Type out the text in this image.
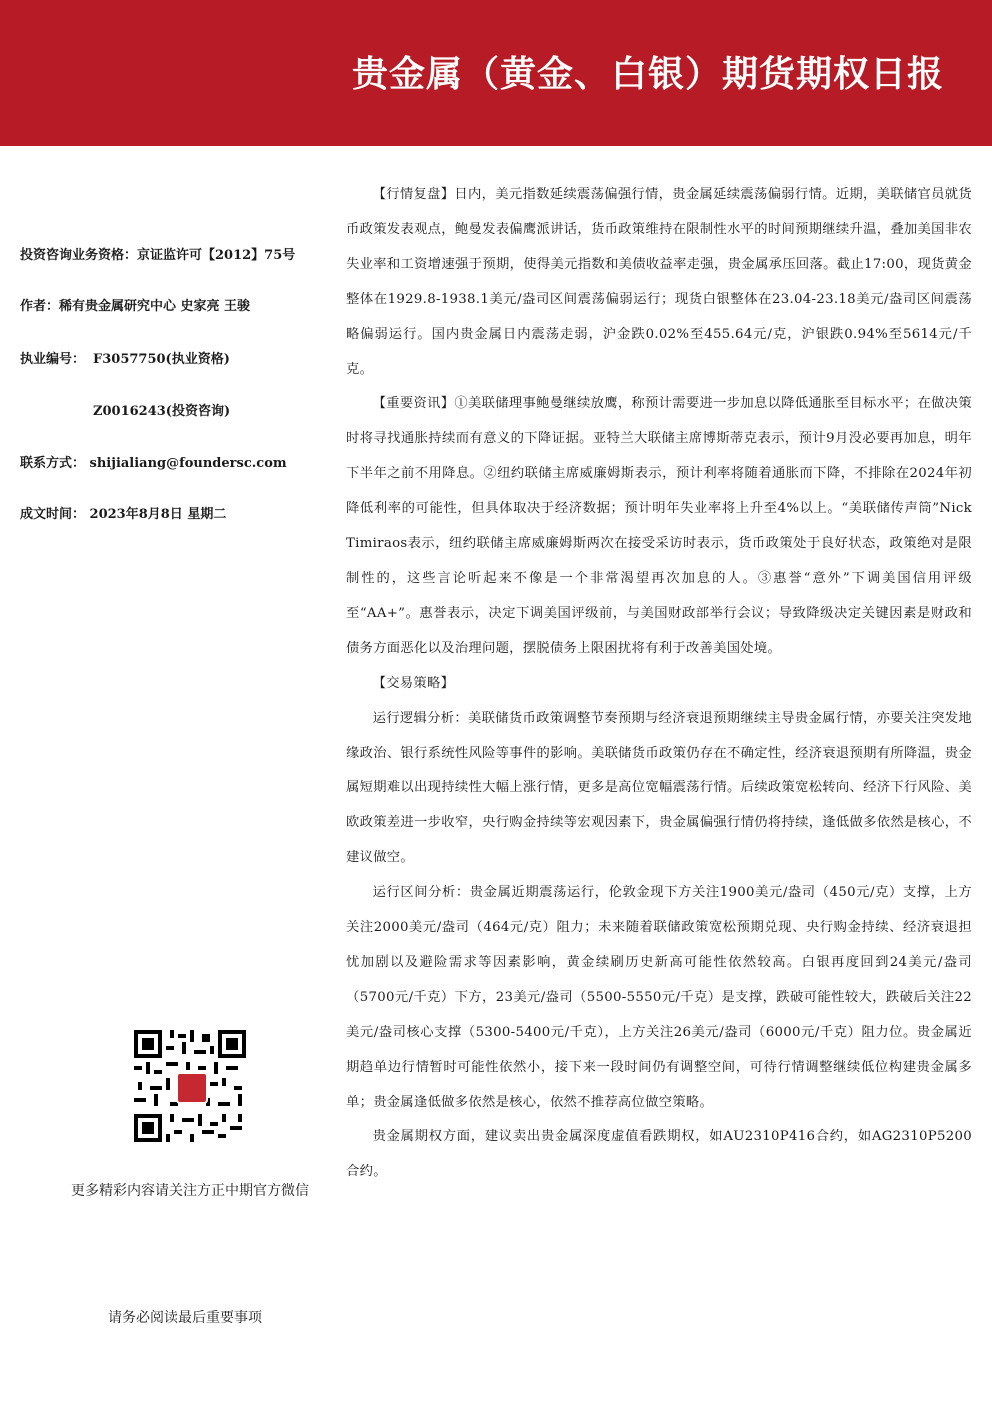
贵金属（黄金、白银）期货期权日报
投资咨询业务资格：京证监许可【2012】75号
作者：稀有贵金属研究中心 史家亮 王骏
执业编号： F3057750(执业资格)
Z0016243(投资咨询)
联系方式： shijialiang@foundersc.com
成文时间： 2023年8月8日 星期二
更多精彩内容请关注方正中期官方微信
请务必阅读最后重要事项

【行情复盘】日内，美元指数延续震荡偏强行情，贵金属延续震荡偏弱行情。近期，美联储官员就货币政策发表观点，鲍曼发表偏鹰派讲话，货币政策维持在限制性水平的时间预期继续升温，叠加美国非农失业率和工资增速强于预期，使得美元指数和美债收益率走强，贵金属承压回落。截止17:00，现货黄金整体在1929.8-1938.1美元/盎司区间震荡偏弱运行；现货白银整体在23.04-23.18美元/盎司区间震荡略偏弱运行。国内贵金属日内震荡走弱，沪金跌0.02%至455.64元/克，沪银跌0.94%至5614元/千克。

【重要资讯】①美联储理事鲍曼继续放鹰，称预计需要进一步加息以降低通胀至目标水平；在做决策时将寻找通胀持续而有意义的下降证据。亚特兰大联储主席博斯蒂克表示，预计9月没必要再加息，明年下半年之前不用降息。②纽约联储主席威廉姆斯表示，预计利率将随着通胀而下降，不排除在2024年初降低利率的可能性，但具体取决于经济数据；预计明年失业率将上升至4%以上。“美联储传声筒”Nick Timiraos表示，纽约联储主席威廉姆斯两次在接受采访时表示，货币政策处于良好状态，政策绝对是限制性的，这些言论听起来不像是一个非常渴望再次加息的人。③惠誉“意外”下调美国信用评级至“AA+”。惠誉表示，决定下调美国评级前，与美国财政部举行会议；导致降级决定关键因素是财政和债务方面恶化以及治理问题，摆脱债务上限困扰将有利于改善美国处境。

【交易策略】

运行逻辑分析：美联储货币政策调整节奏预期与经济衰退预期继续主导贵金属行情，亦要关注突发地缘政治、银行系统性风险等事件的影响。美联储货币政策仍存在不确定性，经济衰退预期有所降温，贵金属短期难以出现持续性大幅上涨行情，更多是高位宽幅震荡行情。后续政策宽松转向、经济下行风险、美欧政策差进一步收窄，央行购金持续等宏观因素下，贵金属偏强行情仍将持续，逢低做多依然是核心，不建议做空。

运行区间分析：贵金属近期震荡运行，伦敦金现下方关注1900美元/盎司（450元/克）支撑，上方关注2000美元/盎司（464元/克）阻力；未来随着联储政策宽松预期兑现、央行购金持续、经济衰退担忧加剧以及避险需求等因素影响，黄金续刷历史新高可能性依然较高。白银再度回到24美元/盎司（5700元/千克）下方，23美元/盎司（5500-5550元/千克）是支撑，跌破可能性较大，跌破后关注22美元/盎司核心支撑（5300-5400元/千克），上方关注26美元/盎司（6000元/千克）阻力位。贵金属近期趋单边行情暂时可能性依然小，接下来一段时间仍有调整空间，可待行情调整继续低位构建贵金属多单；贵金属逢低做多依然是核心，依然不推荐高位做空策略。

贵金属期权方面，建议卖出贵金属深度虚值看跌期权，如AU2310P416合约，如AG2310P5200合约。
